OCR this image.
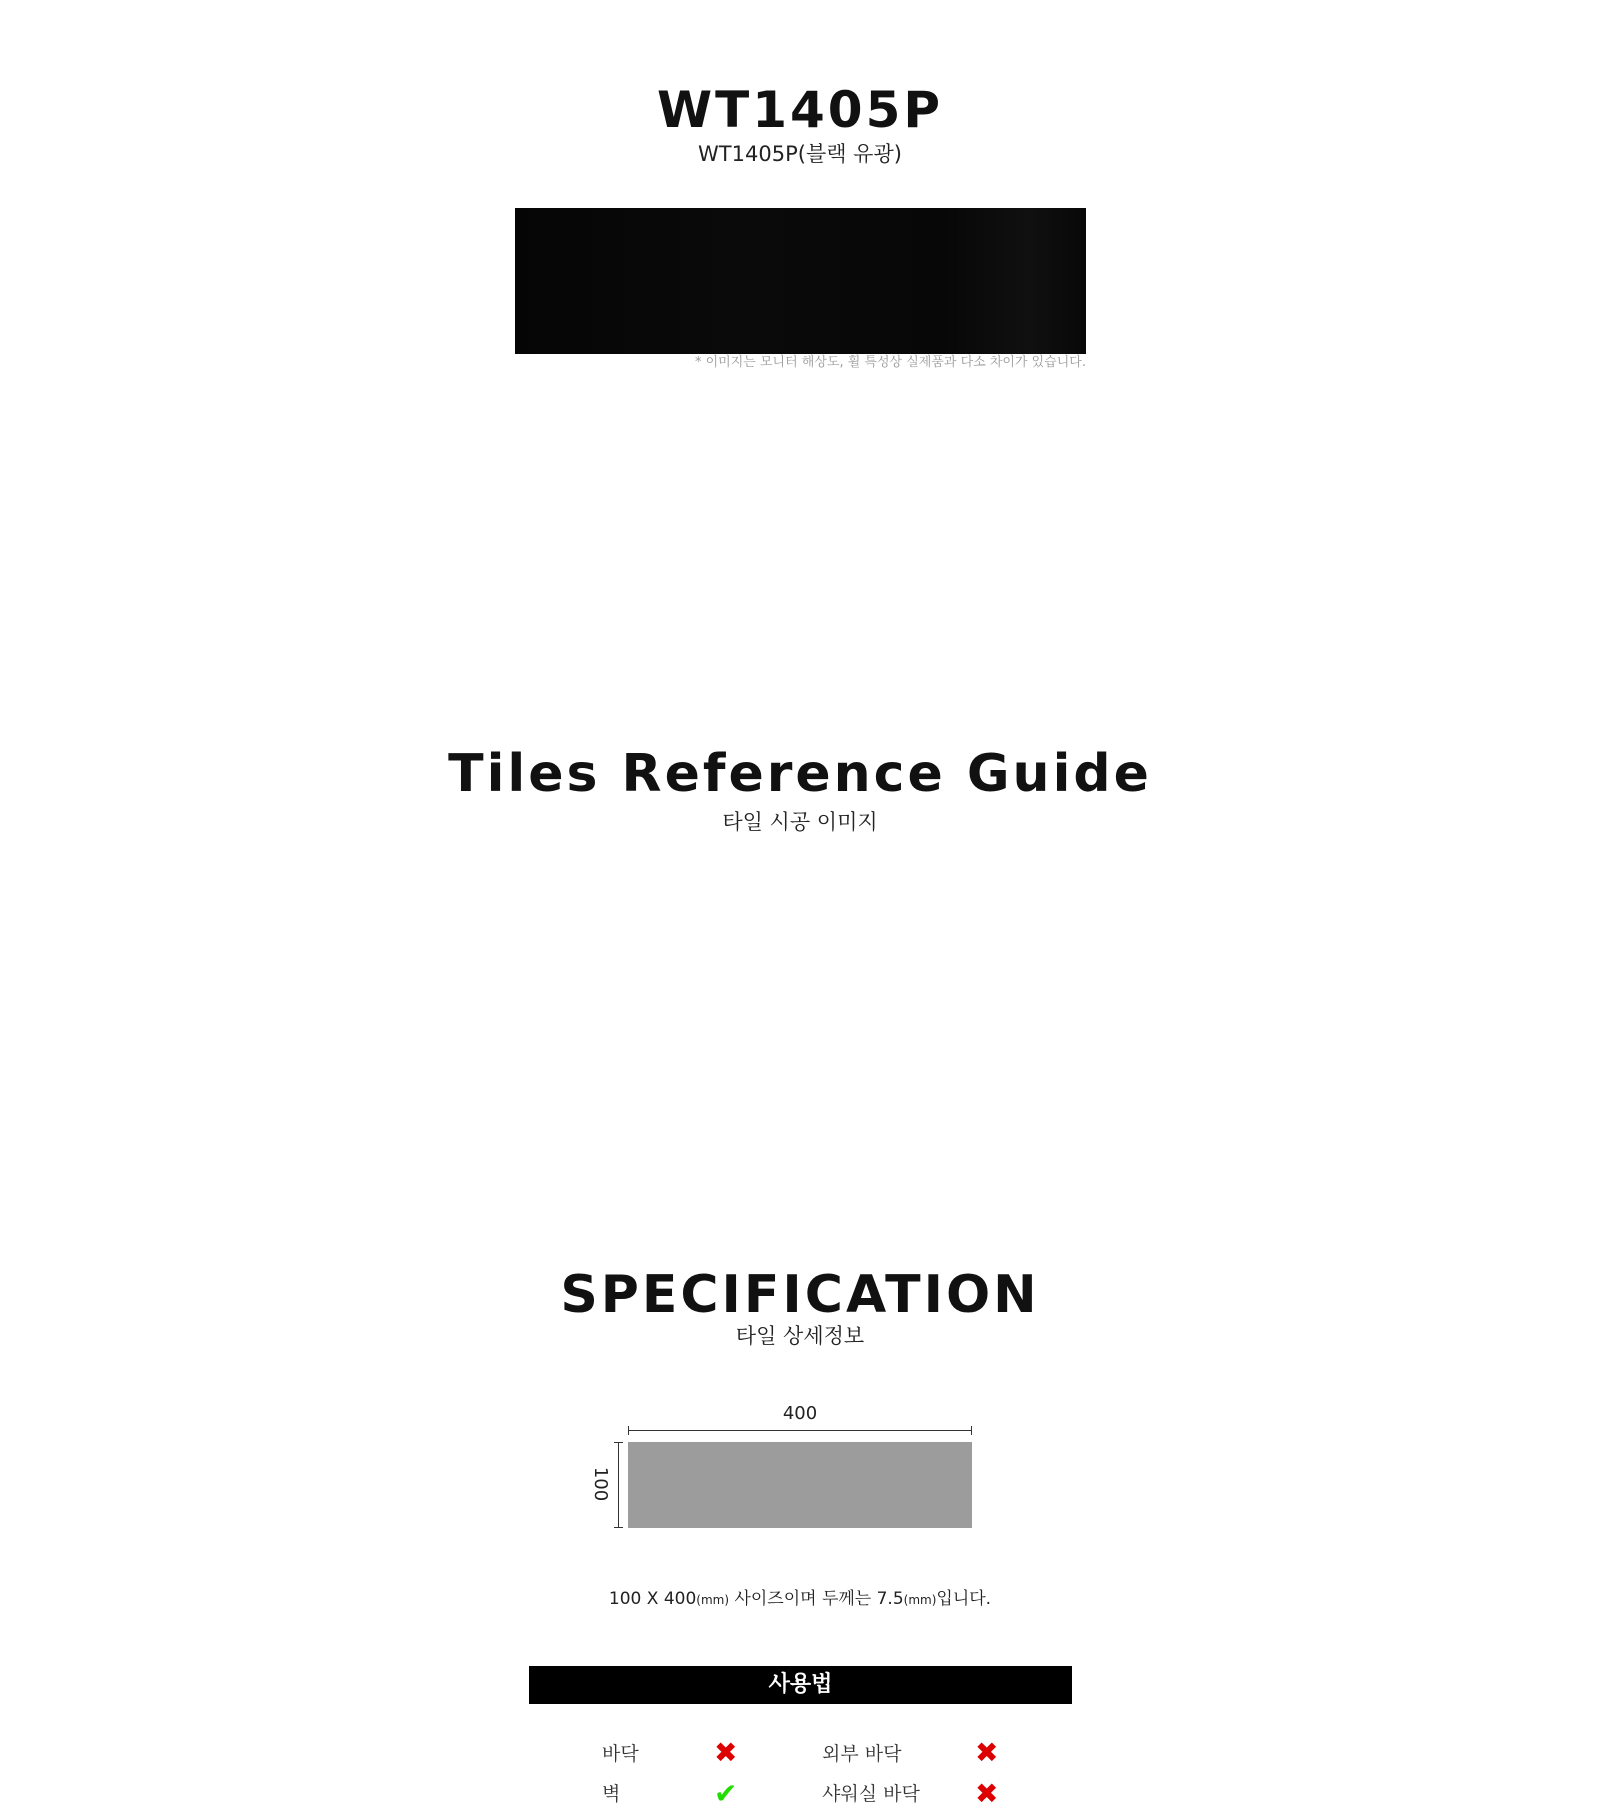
WT1405P
WT1405P(블랙 유광)
* 이미지는 모니터 해상도, 휠 특성상 실제품과 다소 차이가 있습니다.
Tiles Reference Guide
타일 시공 이미지
SPECIFICATION
타일 상세정보
400
100
100 X 400(mm) 사이즈이며 두께는 7.5(mm)입니다.
사용법
바닥	✖	외부 바닥	✖
벽	✔	샤워실 바닥 ✖
